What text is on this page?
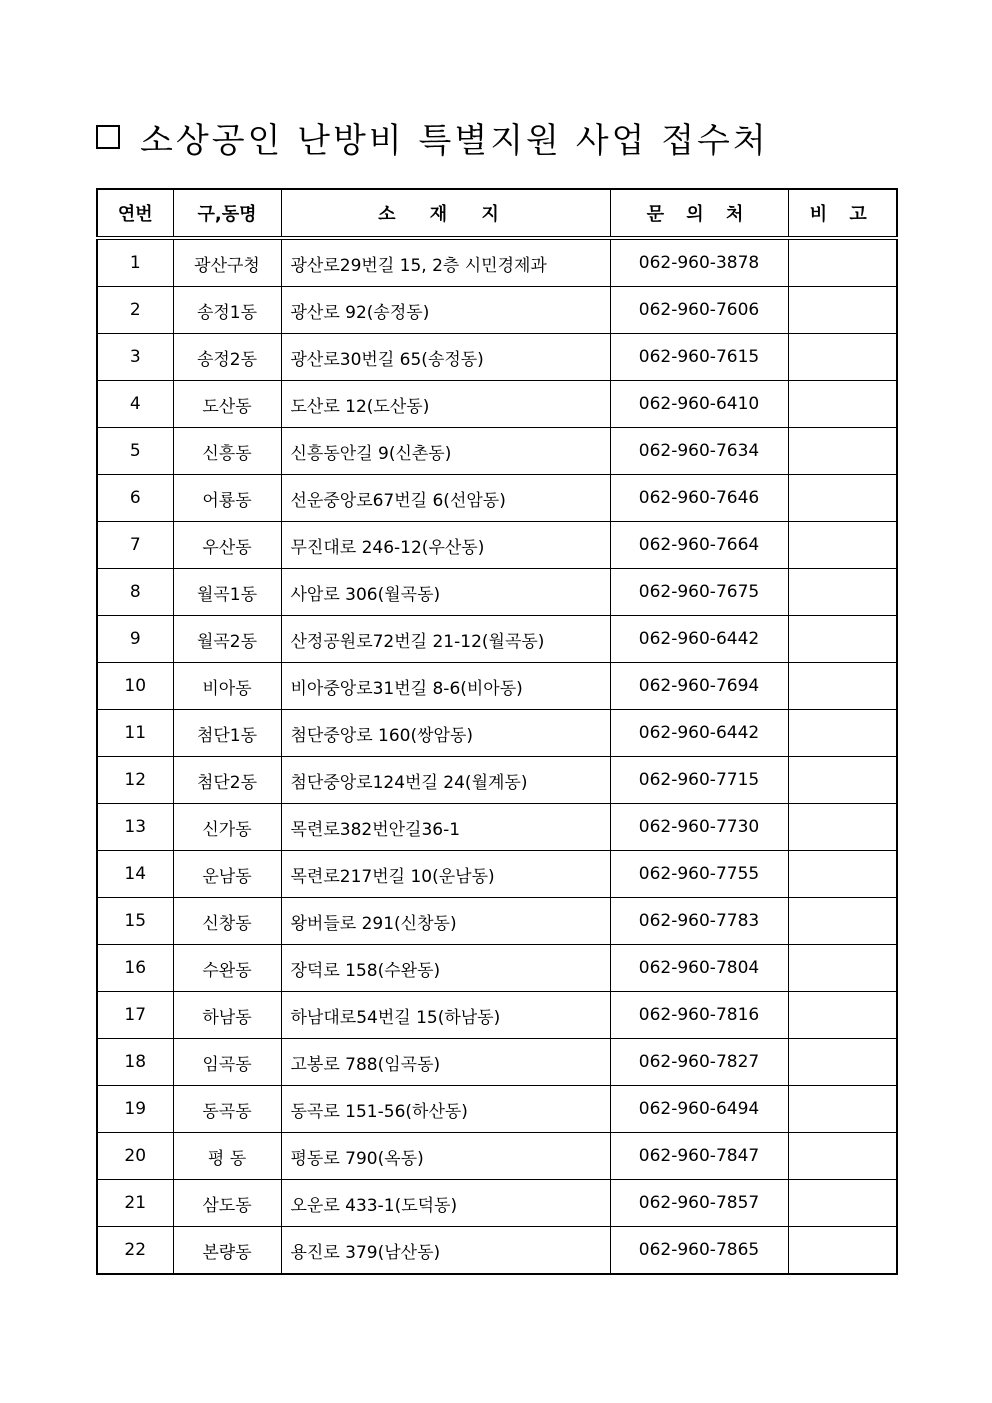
소상공인 난방비 특별지원 사업 접수처
연번	구,동명	소 재 지	문 의 처	비 고
1	광산구청	광산로29번길 15, 2층 시민경제과	062-960-3878	
2	송정1동	광산로 92(송정동)	062-960-7606	
3	송정2동	광산로30번길 65(송정동)	062-960-7615	
4	도산동	도산로 12(도산동)	062-960-6410	
5	신흥동	신흥동안길 9(신촌동)	062-960-7634	
6	어룡동	선운중앙로67번길 6(선암동)	062-960-7646	
7	우산동	무진대로 246-12(우산동)	062-960-7664	
8	월곡1동	사암로 306(월곡동)	062-960-7675	
9	월곡2동	산정공원로72번길 21-12(월곡동)	062-960-6442	
10	비아동	비아중앙로31번길 8-6(비아동)	062-960-7694	
11	첨단1동	첨단중앙로 160(쌍암동)	062-960-6442	
12	첨단2동	첨단중앙로124번길 24(월계동)	062-960-7715	
13	신가동	목련로382번안길36-1	062-960-7730	
14	운남동	목련로217번길 10(운남동)	062-960-7755	
15	신창동	왕버들로 291(신창동)	062-960-7783	
16	수완동	장덕로 158(수완동)	062-960-7804	
17	하남동	하남대로54번길 15(하남동)	062-960-7816	
18	임곡동	고봉로 788(임곡동)	062-960-7827	
19	동곡동	동곡로 151-56(하산동)	062-960-6494	
20	평 동	평동로 790(옥동)	062-960-7847	
21	삼도동	오운로 433-1(도덕동)	062-960-7857	
22	본량동	용진로 379(남산동)	062-960-7865	
